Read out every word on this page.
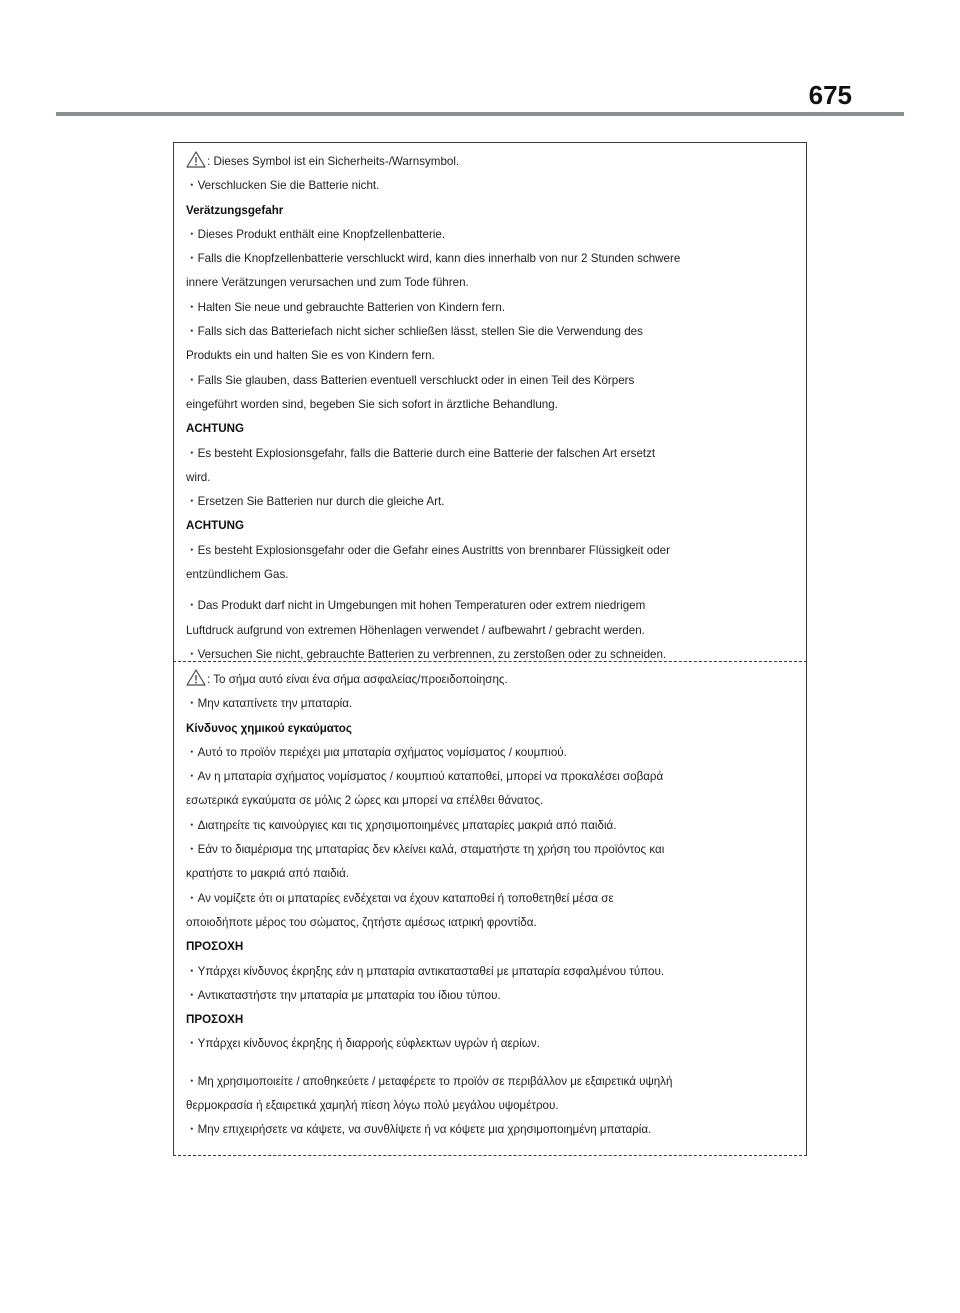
675
: Dieses Symbol ist ein Sicherheits-/Warnsymbol.
・Verschlucken Sie die Batterie nicht.
Verätzungsgefahr
・Dieses Produkt enthält eine Knopfzellenbatterie.
・Falls die Knopfzellenbatterie verschluckt wird, kann dies innerhalb von nur 2 Stunden schwere
innere Verätzungen verursachen und zum Tode führen.
・Halten Sie neue und gebrauchte Batterien von Kindern fern.
・Falls sich das Batteriefach nicht sicher schließen lässt, stellen Sie die Verwendung des
Produkts ein und halten Sie es von Kindern fern.
・Falls Sie glauben, dass Batterien eventuell verschluckt oder in einen Teil des Körpers
eingeführt worden sind, begeben Sie sich sofort in ärztliche Behandlung.
ACHTUNG
・Es besteht Explosionsgefahr, falls die Batterie durch eine Batterie der falschen Art ersetzt
wird.
・Ersetzen Sie Batterien nur durch die gleiche Art.
ACHTUNG
・Es besteht Explosionsgefahr oder die Gefahr eines Austritts von brennbarer Flüssigkeit oder
entzündlichem Gas.
・Das Produkt darf nicht in Umgebungen mit hohen Temperaturen oder extrem niedrigem
Luftdruck aufgrund von extremen Höhenlagen verwendet / aufbewahrt / gebracht werden.
・Versuchen Sie nicht, gebrauchte Batterien zu verbrennen, zu zerstoßen oder zu schneiden.
: Το σήμα αυτό είναι ένα σήμα ασφαλείας/προειδοποίησης.
・Μην καταπίνετε την μπαταρία.
Κίνδυνος χημικού εγκαύματος
・Αυτό το προϊόν περιέχει μια μπαταρία σχήματος νομίσματος / κουμπιού.
・Αν η μπαταρία σχήματος νομίσματος / κουμπιού καταποθεί, μπορεί να προκαλέσει σοβαρά
εσωτερικά εγκαύματα σε μόλις 2 ώρες και μπορεί να επέλθει θάνατος.
・Διατηρείτε τις καινούργιες και τις χρησιμοποιημένες μπαταρίες μακριά από παιδιά.
・Εάν το διαμέρισμα της μπαταρίας δεν κλείνει καλά, σταματήστε τη χρήση του προϊόντος και
κρατήστε το μακριά από παιδιά.
・Αν νομίζετε ότι οι μπαταρίες ενδέχεται να έχουν καταποθεί ή τοποθετηθεί μέσα σε
οποιοδήποτε μέρος του σώματος, ζητήστε αμέσως ιατρική φροντίδα.
ΠΡΟΣΟΧΗ
・Υπάρχει κίνδυνος έκρηξης εάν η μπαταρία αντικατασταθεί με μπαταρία εσφαλμένου τύπου.
・Αντικαταστήστε την μπαταρία με μπαταρία του ίδιου τύπου.
ΠΡΟΣΟΧΗ
・Υπάρχει κίνδυνος έκρηξης ή διαρροής εύφλεκτων υγρών ή αερίων.
・Μη χρησιμοποιείτε / αποθηκεύετε / μεταφέρετε το προϊόν σε περιβάλλον με εξαιρετικά υψηλή
θερμοκρασία ή εξαιρετικά χαμηλή πίεση λόγω πολύ μεγάλου υψομέτρου.
・Μην επιχειρήσετε να κάψετε, να συνθλίψετε ή να κόψετε μια χρησιμοποιημένη μπαταρία.
